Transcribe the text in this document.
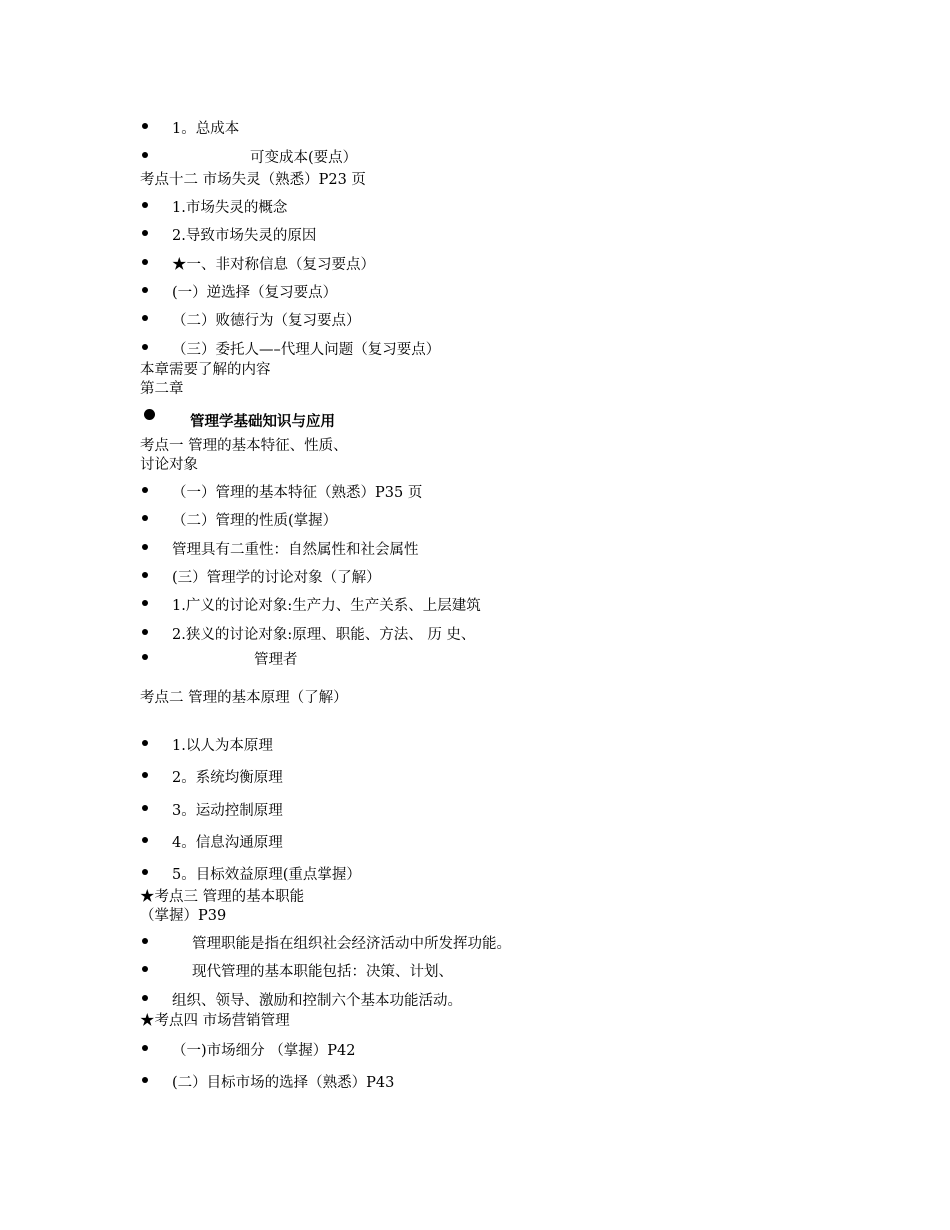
1。总成本
可变成本(要点）
考点十二 市场失灵（熟悉）P23 页
1.市场失灵的概念
2.导致市场失灵的原因
★一、非对称信息（复习要点）
(一）逆选择（复习要点）
（二）败德行为（复习要点）
（三）委托人—–代理人问题（复习要点）
本章需要了解的内容
第二章
管理学基础知识与应用
考点一 管理的基本特征、性质、
讨论对象
（一）管理的基本特征（熟悉）P35 页
（二）管理的性质(掌握）
管理具有二重性：自然属性和社会属性
(三）管理学的讨论对象（了解）
1.广义的讨论对象:生产力、生产关系、上层建筑
2.狭义的讨论对象:原理、职能、方法、 历 史、
管理者
考点二 管理的基本原理（了解）
1.以人为本原理
2。系统均衡原理
3。运动控制原理
4。信息沟通原理
5。目标效益原理(重点掌握）
★考点三 管理的基本职能
（掌握）P39
管理职能是指在组织社会经济活动中所发挥功能。
现代管理的基本职能包括：决策、计划、
组织、领导、激励和控制六个基本功能活动。
★考点四 市场营销管理
（一)市场细分 （掌握）P42
(二）目标市场的选择（熟悉）P43
